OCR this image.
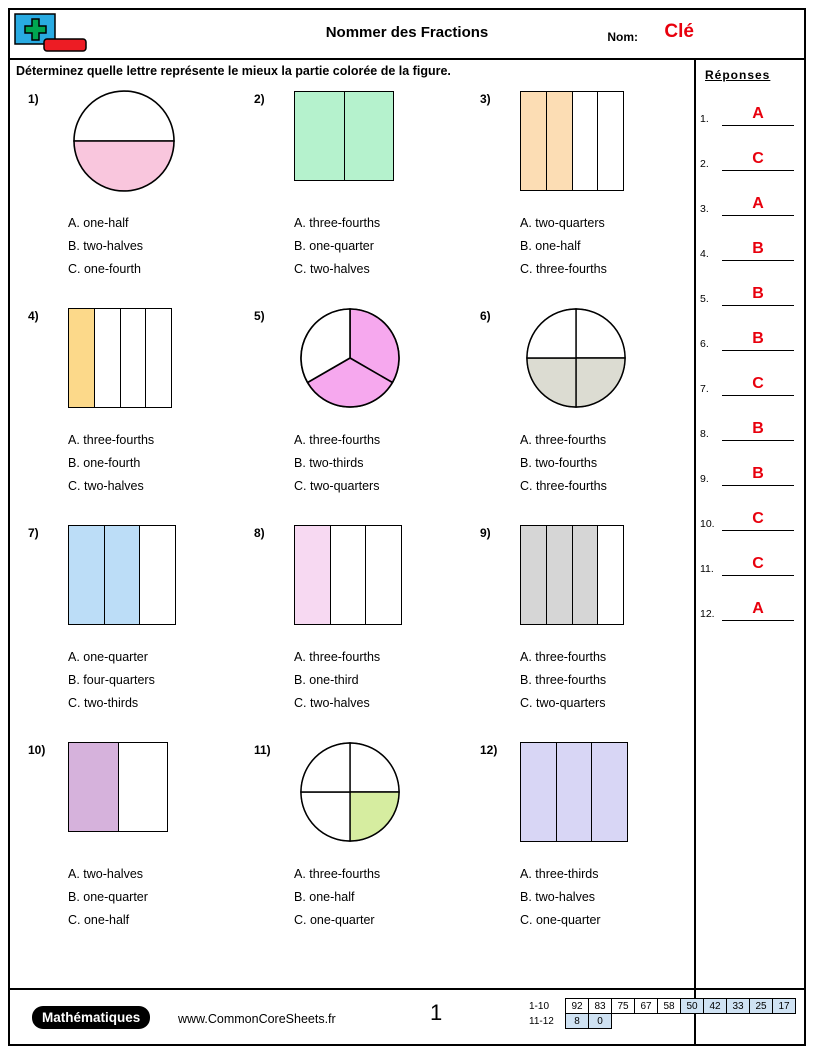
Nommer des Fractions	Nom: Clé
Déterminez quelle lettre représente le mieux la partie colorée de la figure.	Réponses
1.	A
2.	C
3.	A
4.	B
5.	B
6.	B
7.	C
8.	B
9.	B
10.	C
11.	C
12.	A
1)
A. one-half
B. two-halves
C. one-fourth
2)
A. three-fourths
B. one-quarter
C. two-halves
3)
A. two-quarters
B. one-half
C. three-fourths
4)
A. three-fourths
B. one-fourth
C. two-halves
5)
A. three-fourths
B. two-thirds
C. two-quarters
6)
A. three-fourths
B. two-fourths
C. three-fourths
7)
A. one-quarter
B. four-quarters
C. two-thirds
8)
A. three-fourths
B. one-third
C. two-halves
9)
A. three-fourths
B. three-fourths
C. two-quarters
10)
A. two-halves
B. one-quarter
C. one-half
11)
A. three-fourths
B. one-half
C. one-quarter
12)
A. three-thirds
B. two-halves
C. one-quarter
Mathématiques	www.CommonCoreSheets.fr	1	1-10	92	83	75	67	58	50	42	33	25	17
11-12	8	0								
